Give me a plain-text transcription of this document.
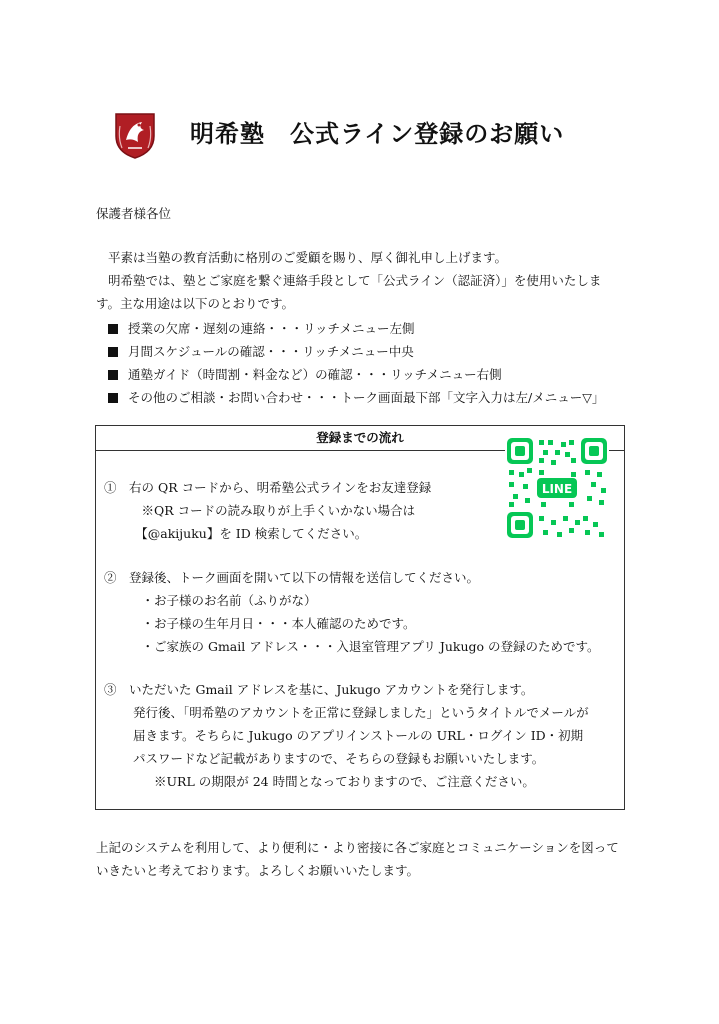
明希塾　公式ライン登録のお願い
保護者様各位
平素は当塾の教育活動に格別のご愛顧を賜り、厚く御礼申し上げます。
明希塾では、塾とご家庭を繋ぐ連絡手段として「公式ライン（認証済）」を使用いたしま
す。主な用途は以下のとおりです。
授業の欠席・遅刻の連絡・・・リッチメニュー左側
月間スケジュールの確認・・・リッチメニュー中央
通塾ガイド（時間割・料金など）の確認・・・リッチメニュー右側
その他のご相談・お問い合わせ・・・トーク画面最下部「文字入力は左/メニュー▽」
登録までの流れ
①　右の QR コードから、明希塾公式ラインをお友達登録
　　　※QR コードの読み取りが上手くいかない場合は
　　　【@akijuku】を ID 検索してください。
LINE
②　登録後、トーク画面を開いて以下の情報を送信してください。
　　　・お子様のお名前（ふりがな）
　　　・お子様の生年月日・・・本人確認のためです。
　　　・ご家族の Gmail アドレス・・・入退室管理アプリ Jukugo の登録のためです。
③　いただいた Gmail アドレスを基に、Jukugo アカウントを発行します。
　　 発行後、「明希塾のアカウントを正常に登録しました」というタイトルでメールが
　　 届きます。そちらに Jukugo のアプリインストールの URL・ログイン ID・初期
　　 パスワードなど記載がありますので、そちらの登録もお願いいたします。
　　　　※URL の期限が 24 時間となっておりますので、ご注意ください。
上記のシステムを利用して、より便利に・より密接に各ご家庭とコミュニケーションを図っていきたいと考えております。よろしくお願いいたします。
